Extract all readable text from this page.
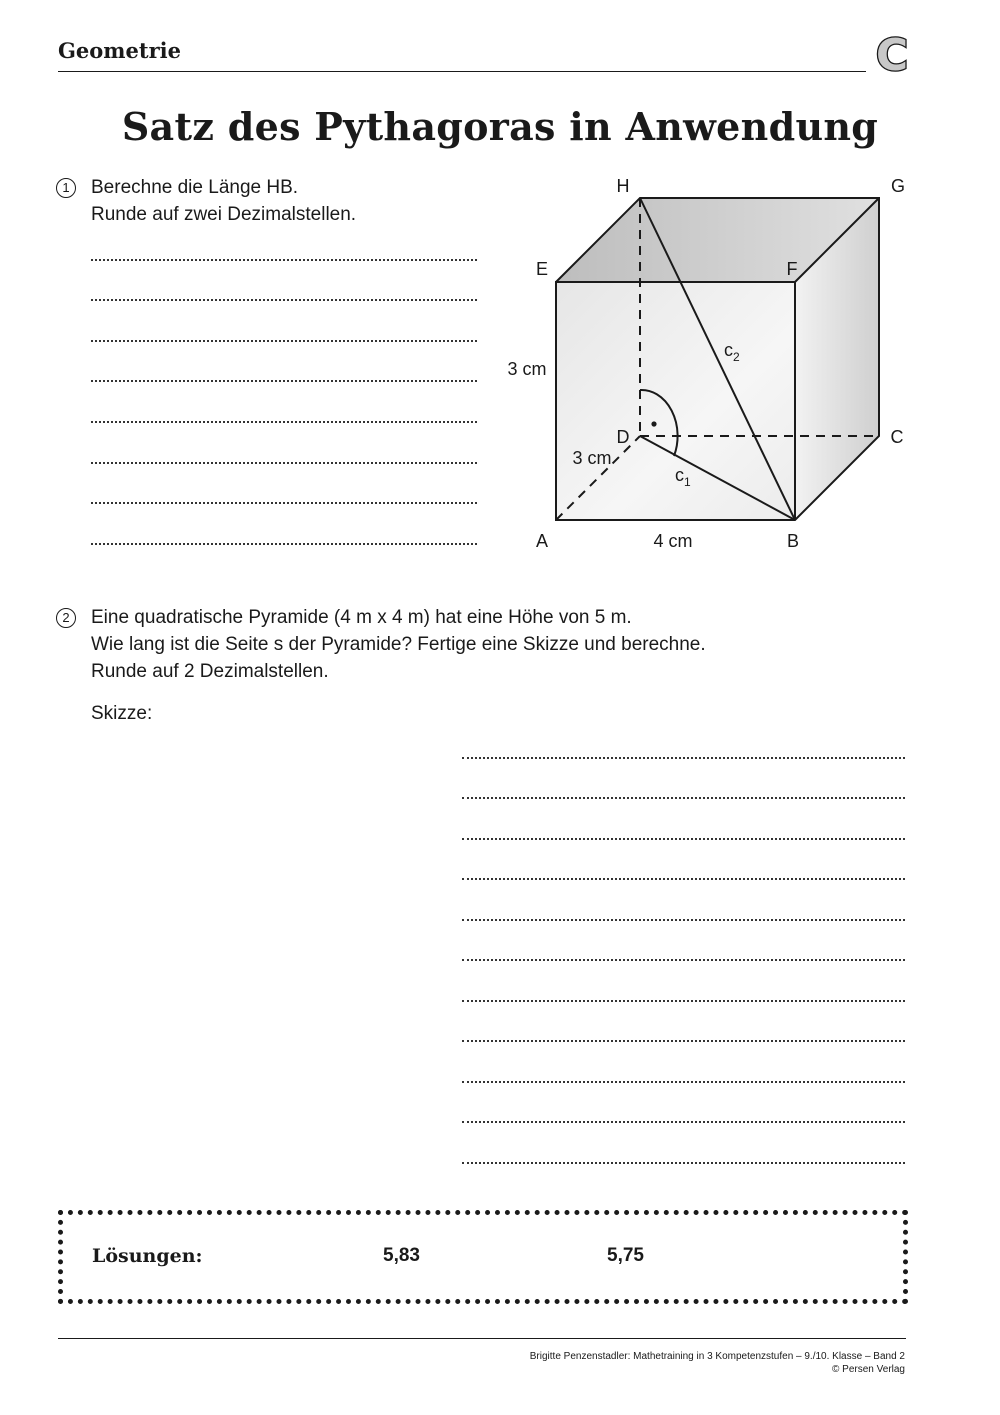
Geometrie	C
Satz des Pythagoras in Anwendung
1	Berechne die Länge HB.
Runde auf zwei Dezimalstellen.
H	G
E	F
D	C
A	B
3 cm
3 cm
4 cm
$c_2$
$c_1$
2	Eine quadratische Pyramide (4 m x 4 m) hat eine Höhe von 5 m.
Wie lang ist die Seite s der Pyramide? Fertige eine Skizze und berechne.
Runde auf 2 Dezimalstellen.
Skizze:
Lösungen:	5,83	5,75
Brigitte Penzenstadler: Mathetraining in 3 Kompetenzstufen – 9./10. Klasse – Band 2
© Persen Verlag
